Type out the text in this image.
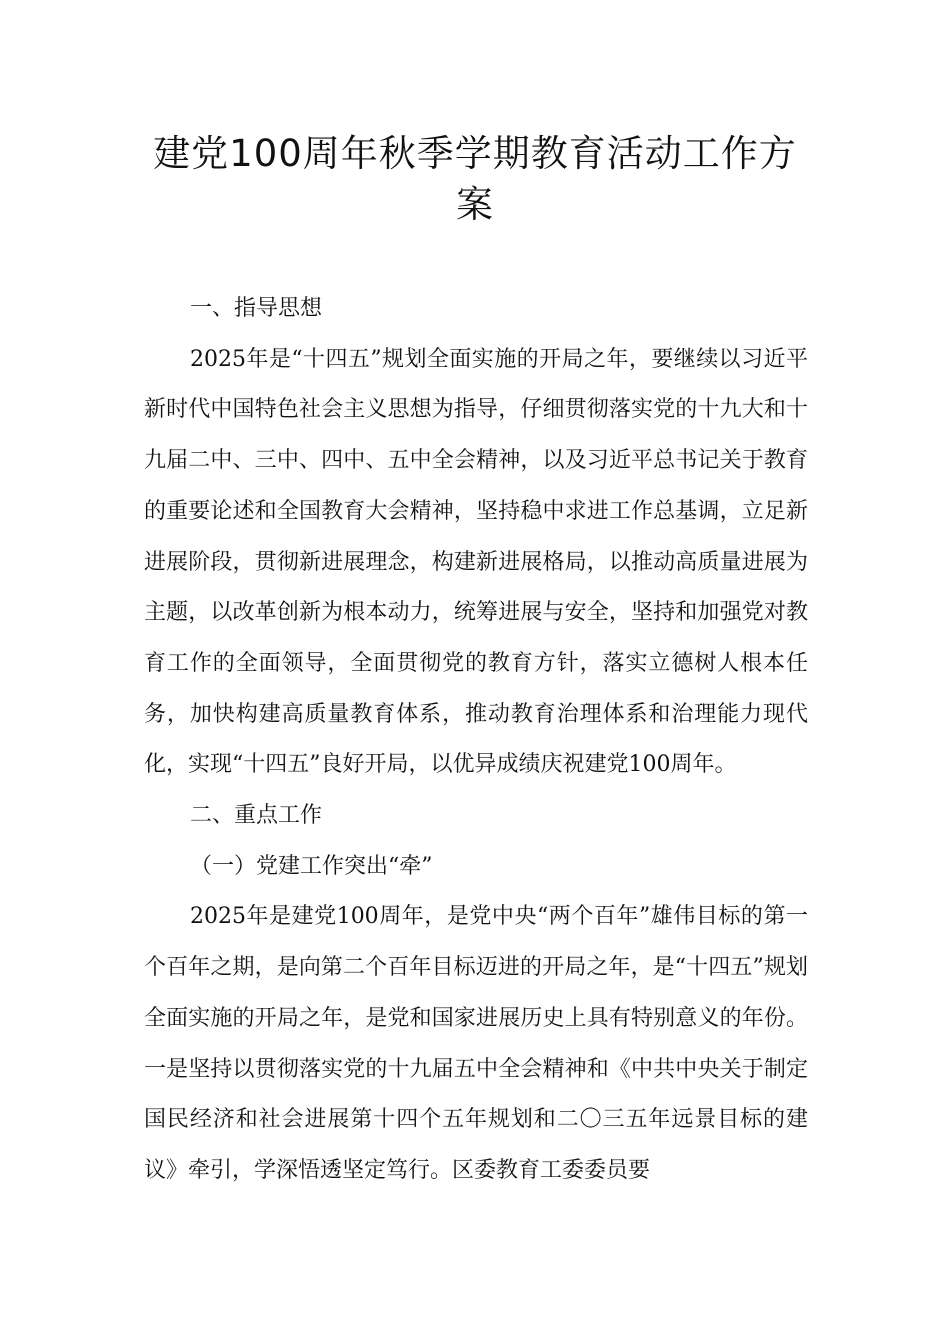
建党100周年秋季学期教育活动工作方案

一、指导思想

2025年是“十四五”规划全面实施的开局之年，要继续以习近平新时代中国特色社会主义思想为指导，仔细贯彻落实党的十九大和十九届二中、三中、四中、五中全会精神，以及习近平总书记关于教育的重要论述和全国教育大会精神，坚持稳中求进工作总基调，立足新进展阶段，贯彻新进展理念，构建新进展格局，以推动高质量进展为主题，以改革创新为根本动力，统筹进展与安全，坚持和加强党对教育工作的全面领导，全面贯彻党的教育方针，落实立德树人根本任务，加快构建高质量教育体系，推动教育治理体系和治理能力现代化，实现“十四五”良好开局，以优异成绩庆祝建党100周年。

二、重点工作

（一）党建工作突出“牵”

2025年是建党100周年，是党中央“两个百年”雄伟目标的第一个百年之期，是向第二个百年目标迈进的开局之年，是“十四五”规划全面实施的开局之年，是党和国家进展历史上具有特别意义的年份。一是坚持以贯彻落实党的十九届五中全会精神和《中共中央关于制定国民经济和社会进展第十四个五年规划和二〇三五年远景目标的建议》牵引，学深悟透坚定笃行。区委教育工委委员要
